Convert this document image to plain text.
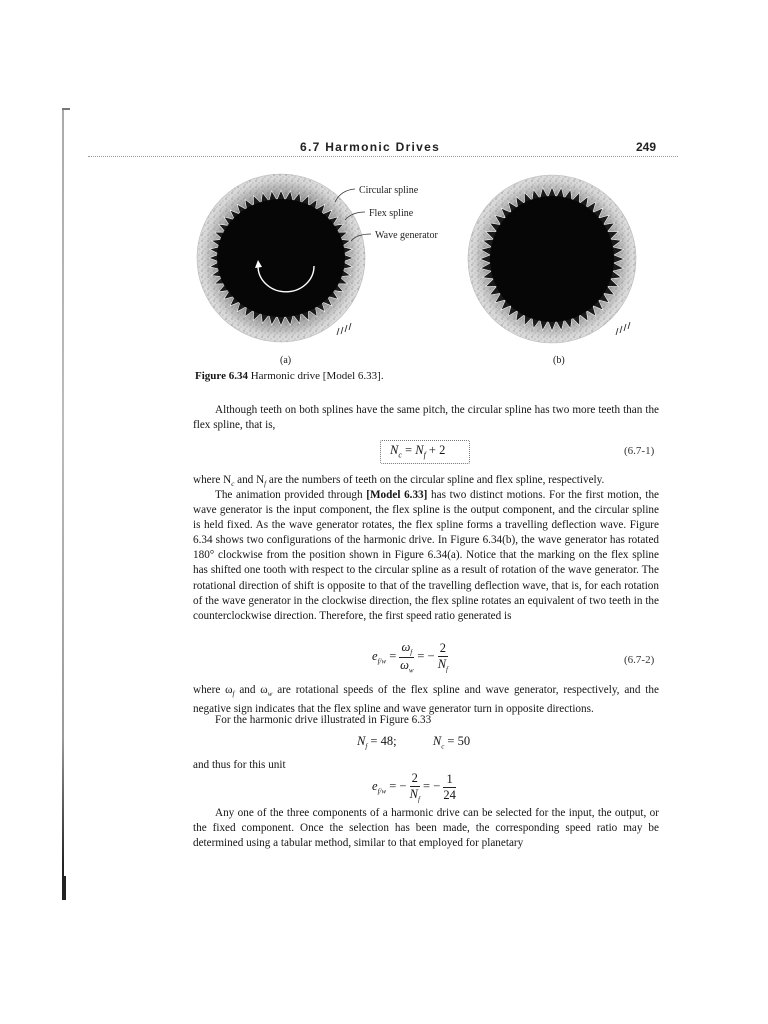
6.7 Harmonic Drives	249
Circular spline
Flex spline
Wave generator
(a)	(b)
Figure 6.34 Harmonic drive [Model 6.33].

Although teeth on both splines have the same pitch, the circular spline has two more teeth than the flex spline, that is,

$N_c = N_f + 2$	(6.7-1)

where $N_c$ and $N_f$ are the numbers of teeth on the circular spline and flex spline, respectively.

The animation provided through [Model 6.33] has two distinct motions. For the first motion, the wave generator is the input component, the flex spline is the output component, and the circular spline is held fixed. As the wave generator rotates, the flex spline forms a travelling deflection wave. Figure 6.34 shows two configurations of the harmonic drive. In Figure 6.34(b), the wave generator has rotated 180° clockwise from the position shown in Figure 6.34(a). Notice that the marking on the flex spline has shifted one tooth with respect to the circular spline as a result of rotation of the wave generator. The rotational direction of shift is opposite to that of the travelling deflection wave, that is, for each rotation of the wave generator in the clockwise direction, the flex spline rotates an equivalent of two teeth in the counterclockwise direction. Therefore, the first speed ratio generated is

$e_{f/w} = \frac{\omega_f}{\omega_w}$ = − $\frac{2}{N_f}$	(6.7-2)

where $\omega_f$ and $\omega_w$ are rotational speeds of the flex spline and wave generator, respectively, and the negative sign indicates that the flex spline and wave generator turn in opposite directions.

For the harmonic drive illustrated in Figure 6.33

$N_f = 48$;	$N_c = 50$

and thus for this unit

$e_{f/w}$ = − $\frac{2}{N_f}$ = − $\frac{1}{24}$

Any one of the three components of a harmonic drive can be selected for the input, the output, or the fixed component. Once the selection has been made, the corresponding speed ratio may be determined using a tabular method, similar to that employed for planetary
